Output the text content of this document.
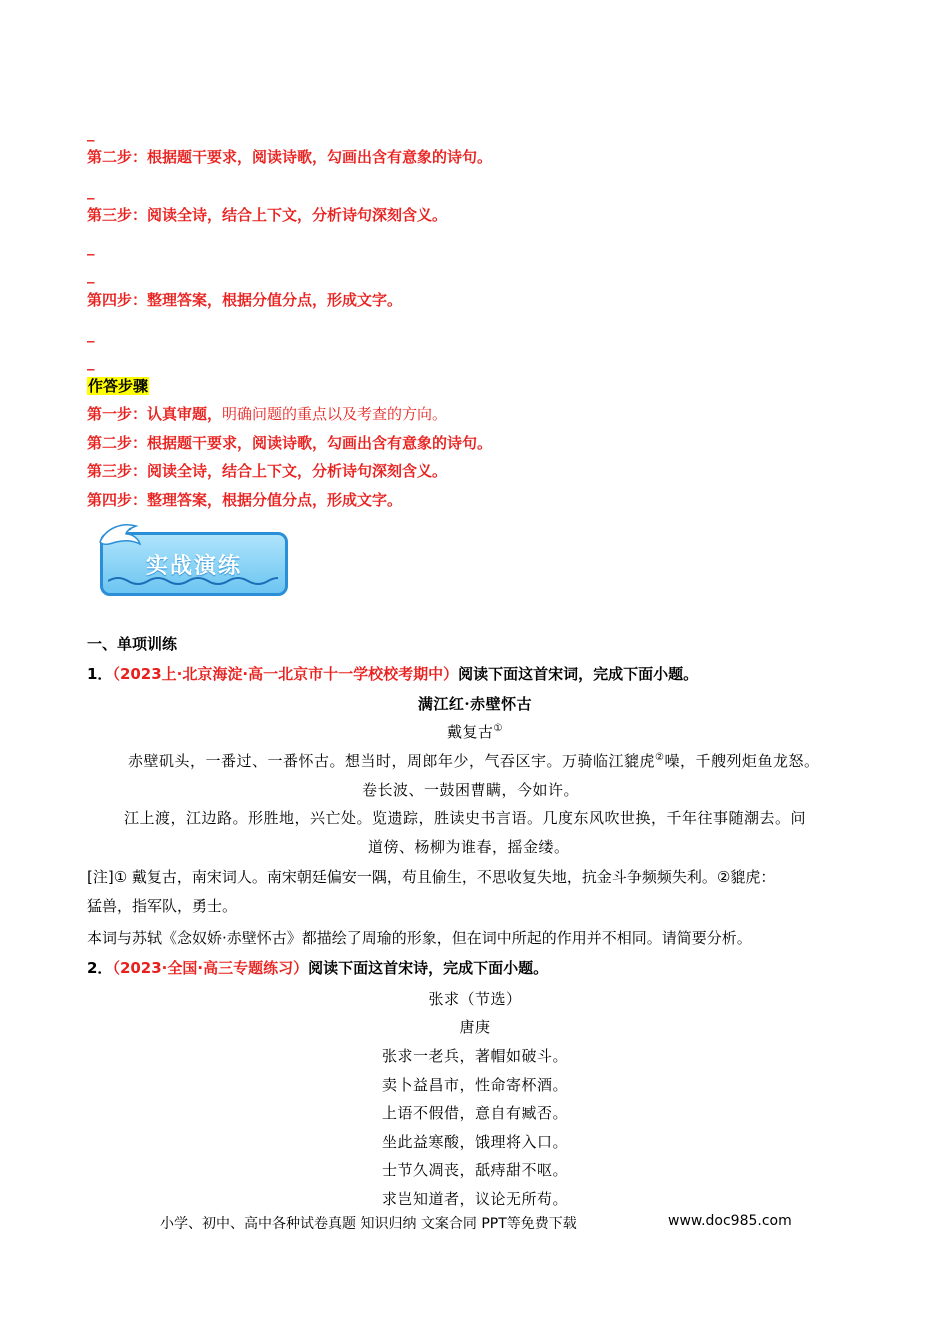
_
第二步：根据题干要求，阅读诗歌，勾画出含有意象的诗句。
_
第三步：阅读全诗，结合上下文，分析诗句深刻含义。
_
_
第四步：整理答案，根据分值分点，形成文字。
_
_
作答步骤
第一步：认真审题，明确问题的重点以及考查的方向。
第二步：根据题干要求，阅读诗歌，勾画出含有意象的诗句。
第三步：阅读全诗，结合上下文，分析诗句深刻含义。
第四步：整理答案，根据分值分点，形成文字。
实战演练
一、单项训练
1．（2023上·北京海淀·高一北京市十一学校校考期中）阅读下面这首宋词，完成下面小题。
满江红·赤壁怀古
戴复古①
赤壁矶头，一番过、一番怀古。想当时，周郎年少，气吞区宇。万骑临江貔虎②噪，千艘列炬鱼龙怒。
卷长波、一鼓困曹瞒，今如许。
江上渡，江边路。形胜地，兴亡处。览遗踪，胜读史书言语。几度东风吹世换，千年往事随潮去。问
道傍、杨柳为谁春，摇金缕。
[注]① 戴复古，南宋词人。南宋朝廷偏安一隅，苟且偷生，不思收复失地，抗金斗争频频失利。②貔虎：
猛兽，指军队，勇士。
本词与苏轼《念奴娇·赤壁怀古》都描绘了周瑜的形象，但在词中所起的作用并不相同。请简要分析。
2．（2023·全国·高三专题练习）阅读下面这首宋诗，完成下面小题。
张求（节选）
唐庚
张求一老兵，著帽如破斗。
卖卜益昌市，性命寄杯酒。
上语不假借，意自有臧否。
坐此益寒酸，饿理将入口。
士节久凋丧，舐痔甜不呕。
求岂知道者，议论无所苟。
小学、初中、高中各种试卷真题 知识归纳 文案合同 PPT等免费下载	www.doc985.com
